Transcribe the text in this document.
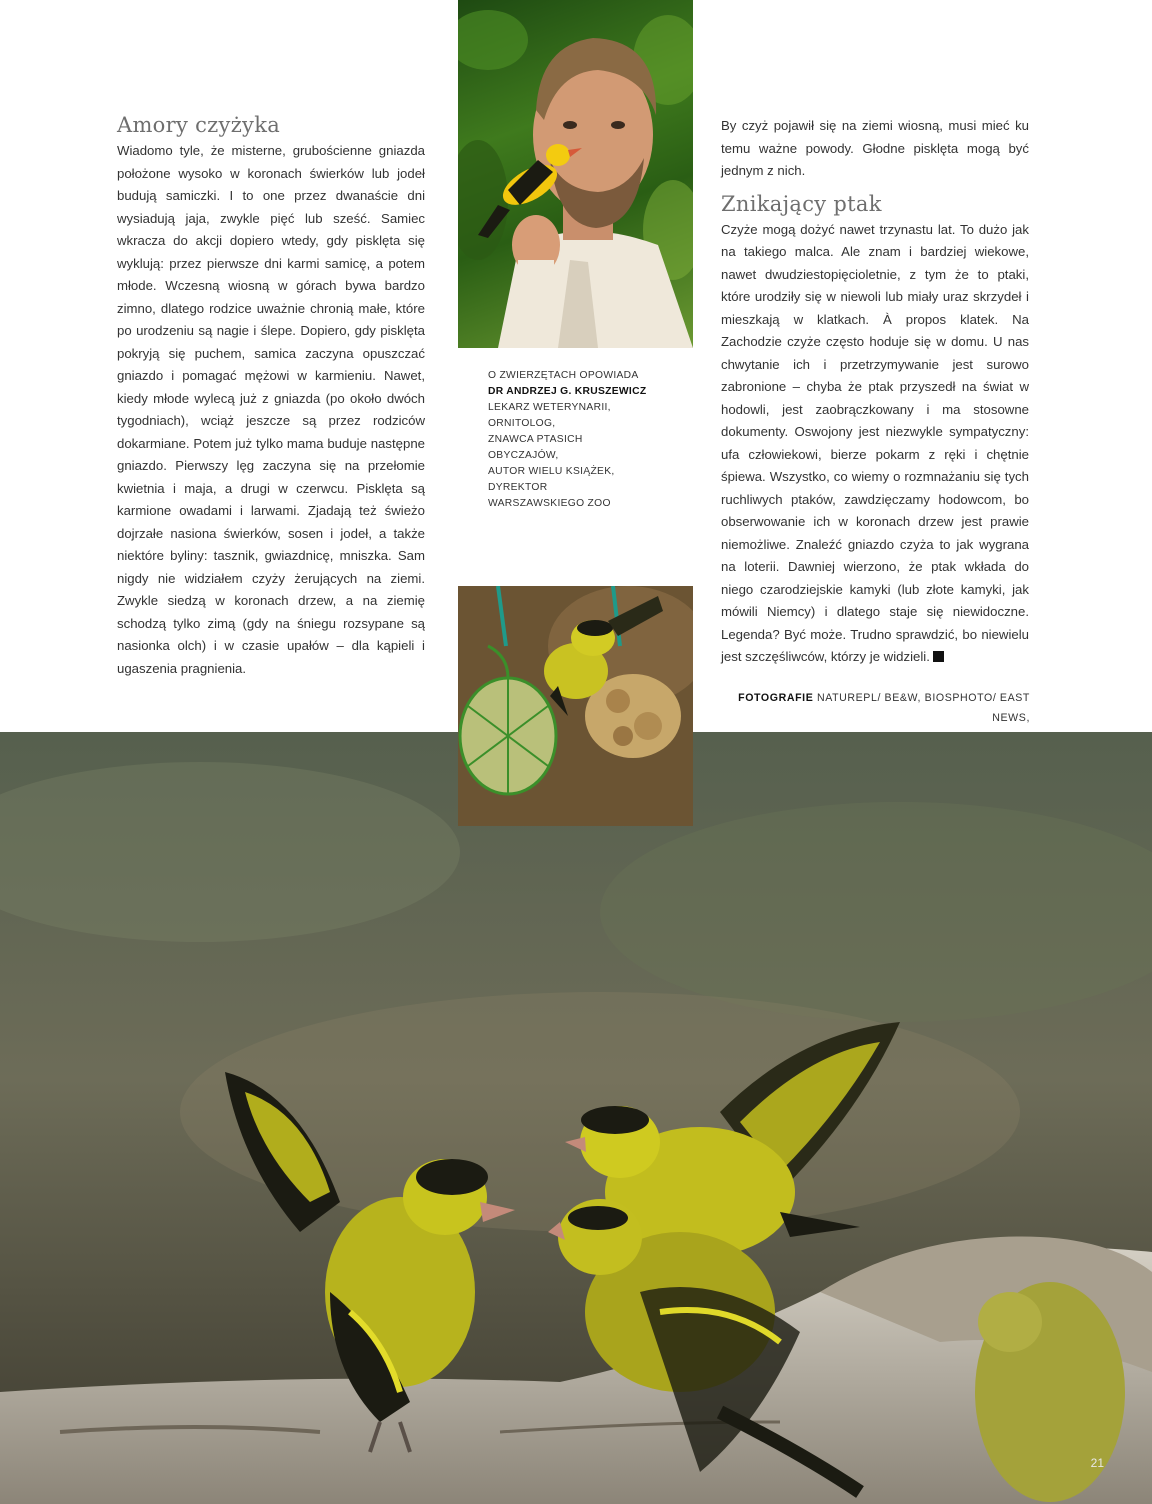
Amory czyżyka

Wiadomo tyle, że misterne, grubościenne gniazda położone wysoko w koronach świerków lub jodeł budują samiczki. I to one przez dwanaście dni wysiadują jaja, zwykle pięć lub sześć. Samiec wkracza do akcji dopiero wtedy, gdy pisklęta się wyklują: przez pierwsze dni karmi samicę, a potem młode. Wczesną wiosną w górach bywa bardzo zimno, dlatego rodzice uważnie chronią małe, które po urodzeniu są nagie i ślepe. Dopiero, gdy pisklęta pokryją się puchem, samica zaczyna opuszczać gniazdo i pomagać mężowi w karmieniu. Nawet, kiedy młode wylecą już z gniazda (po około dwóch tygodniach), wciąż jeszcze są przez rodziców dokarmiane. Potem już tylko mama buduje następne gniazdo. Pierwszy lęg zaczyna się na przełomie kwietnia i maja, a drugi w czerwcu. Pisklęta są karmione owadami i larwami. Zjadają też świeżo dojrzałe nasiona świerków, sosen i jodeł, a także niektóre byliny: tasznik, gwiazdnicę, mniszka. Sam nigdy nie widziałem czyży żerujących na ziemi. Zwykle siedzą w koronach drzew, a na ziemię schodzą tylko zimą (gdy na śniegu rozsypane są nasionka olch) i w czasie upałów – dla kąpieli i ugaszenia pragnienia.

O ZWIERZĘTACH OPOWIADA
DR ANDRZEJ G. KRUSZEWICZ
LEKARZ WETERYNARII,
ORNITOLOG,
ZNAWCA PTASICH
OBYCZAJÓW,
AUTOR WIELU KSIĄŻEK,
DYREKTOR
WARSZAWSKIEGO ZOO

By czyż pojawił się na ziemi wiosną, musi mieć ku temu ważne powody. Głodne pisklęta mogą być jednym z nich.

Znikający ptak

Czyże mogą dożyć nawet trzynastu lat. To dużo jak na takiego malca. Ale znam i bardziej wiekowe, nawet dwudziestopięcioletnie, z tym że to ptaki, które urodziły się w niewoli lub miały uraz skrzydeł i mieszkają w klatkach. À propos klatek. Na Zachodzie czyże często hoduje się w domu. U nas chwytanie ich i przetrzymywanie jest surowo zabronione – chyba że ptak przyszedł na świat w hodowli, jest zaobrączkowany i ma stosowne dokumenty. Oswojony jest niezwykle sympatyczny: ufa człowiekowi, bierze pokarm z ręki i chętnie śpiewa. Wszystko, co wiemy o rozmnażaniu się tych ruchliwych ptaków, zawdzięczamy hodowcom, bo obserwowanie ich w koronach drzew jest prawie niemożliwe. Znaleźć gniazdo czyża to jak wygrana na loterii. Dawniej wierzono, że ptak wkłada do niego czarodziejskie kamyki (lub złote kamyki, jak mówili Niemcy) i dlatego staje się niewidoczne. Legenda? Być może. Trudno sprawdzić, bo niewielu jest szczęśliwców, którzy je widzieli.

FOTOGRAFIE NATUREPL/ BE&W, BIOSPHOTO/ EAST NEWS,
21
